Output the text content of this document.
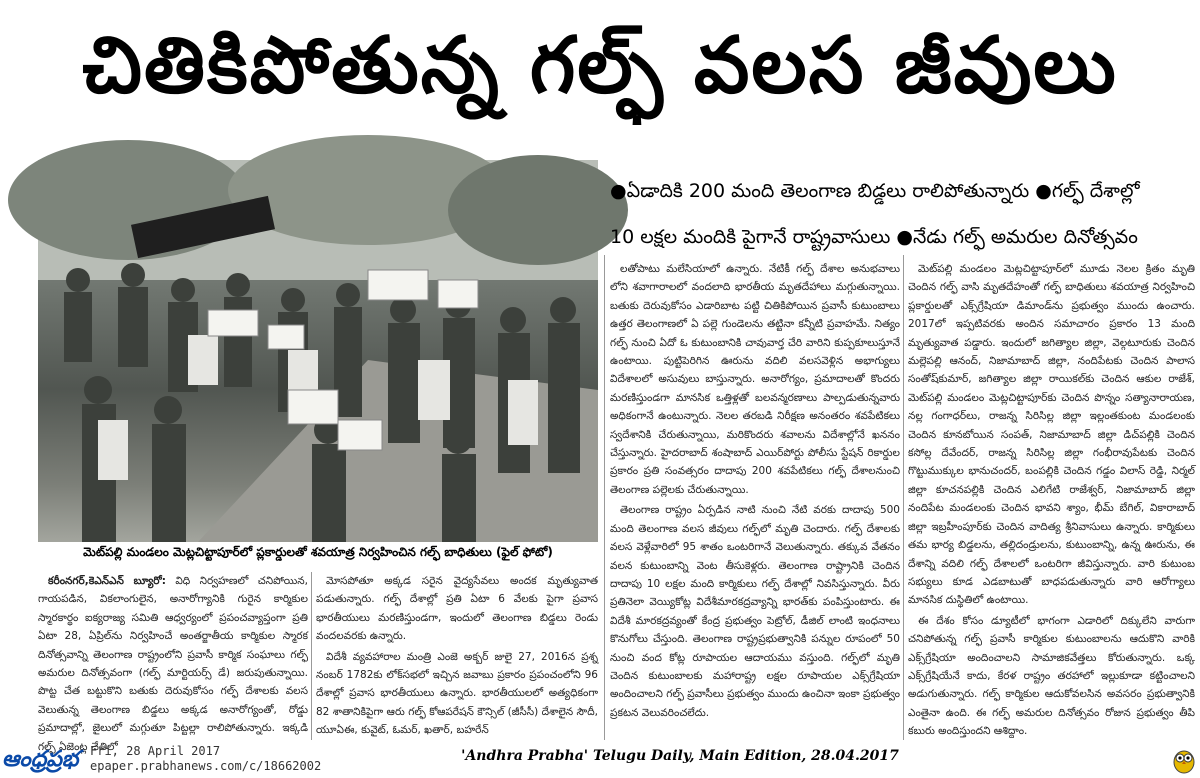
చితికిపోతున్న గల్ఫ్ వలస జీవులు
మెట్‌పల్లి మండలం మెట్లచిట్టాపూర్‌లో ప్లకార్డులతో శవయాత్ర నిర్వహించిన గల్ఫ్ బాధితులు (ఫైల్ ఫోటో)
●ఏడాదికి 200 మంది తెలంగాణ బిడ్డలు రాలిపోతున్నారు ●గల్ఫ్ దేశాల్లో
10 లక్షల మందికి పైగానే రాష్ట్రవాసులు ●నేడు గల్ఫ్ అమరుల దినోత్సవం

కరీంనగర్,కెఎన్ఎన్ బ్యూరో: విధి నిర్వహణలో చనిపోయిన, గాయపడిన, వికలాంగులైన, అనారోగ్యానికి గురైన కార్మికుల స్మారకార్థం ఐక్యరాజ్య సమితి ఆధ్వర్యంలో ప్రపంచవ్యాప్తంగా ప్రతి ఏటా 28, ఏప్రిల్‌ను నిర్వహించే అంతర్జాతీయ కార్మికుల స్మారక దినోత్సవాన్ని తెలంగాణ రాష్ట్రంలోని ప్రవాసీ కార్మిక సంఘాలు గల్ఫ్ అమరుల దినోత్సవంగా (గల్ఫ్ మార్టియర్స్ డే) జరుపుతున్నాయి. పొట్ట చేత బట్టుకొని బతుకు దెరువుకోసం గల్ఫ్ దేశాలకు వలస వెలుతున్న తెలంగాణ బిడ్డలు అక్కడ అనారోగ్యంతో, రోడ్డు ప్రమాదాల్లో, జైలులో మగ్గుతూ పిట్టల్లా రాలిపోతున్నారు. ఇక్కడి గల్ఫ్ ఏజెంట్ల చేతిలో

మోసపోతూ అక్కడ సరైన వైద్యసేవలు అందక మృత్యువాత పడుతున్నారు. గల్ఫ్ దేశాల్లో ప్రతి ఏటా 6 వేలకు పైగా ప్రవాస భారతీయులు మరణిస్తుండగా, ఇందులో తెలంగాణ బిడ్డలు రెండు వందలవరకు ఉన్నారు.

విదేశీ వ్యవహారాల మంత్రి ఎంజె అక్బర్ జులై 27, 2016న ప్రశ్న నంబర్ 1782కు లోక్‌సభలో ఇచ్చిన జవాబు ప్రకారం ప్రపంచంలోని 96 దేశాల్లో ప్రవాస భారతీయులు ఉన్నారు. భారతీయులలో అత్యధికంగా 82 శాతానికిపైగా ఆరు గల్ఫ్ కోఆపరేషన్ కౌన్సిల్ (జీసీసీ) దేశాలైన సౌదీ, యూఏఈ, కువైట్, ఓమర్, ఖతార్, బహరేన్

లతోపాటు మలేసియాలో ఉన్నారు. నేటికీ గల్ఫ్ దేశాల అనుభవాలు లోని శవాగారాలలో వందలాది భారతీయ మృతదేహాలు మగ్గుతున్నాయి. బతుకు దెరువుకోసం ఎడారిబాట పట్టి చితికిపోయిన ప్రవాసీ కుటుంబాలు ఉత్తర తెలంగాణలో ఏ పల్లె గుండెలను తట్టినా కన్నీటి ప్రవాహమే. నిత్యం గల్ఫ్ నుంచి ఏదో ఓ కుటుంబానికి చావువార్త చేరి వారిని కుప్పకూలుస్తూనే ఉంటాయి. పుట్టిపెరిగిన ఊరును వదిలి వలసవెళ్లిన అభాగ్యులు విదేశాలలో అసువులు బాస్తున్నారు. అనారోగ్యం, ప్రమాదాలతో కొందరు మరణిస్తుండగా మానసిక ఒత్తిళ్లతో బలవన్మరణాలు పాల్పడుతున్నవారు అధికంగానే ఉంటున్నారు. నెలల తరబడి నిరీక్షణ అనంతరం శవపేటికలు స్వదేశానికి చేరుతున్నాయి, మరికొందరు శవాలను విదేశాల్లోనే ఖననం చేస్తున్నారు. హైదరాబాద్ శంషాబాద్ ఎయిర్‌పోర్టు పోలీసు స్టేషన్ రికార్డుల ప్రకారం ప్రతి సంవత్సరం దాదాపు 200 శవపేటికలు గల్ఫ్ దేశాలనుంచి తెలంగాణ పల్లెలకు చేరుతున్నాయి.

తెలంగాణ రాష్ట్రం ఏర్పడిన నాటి నుంచి నేటి వరకు దాదాపు 500 మంది తెలంగాణ వలస జీవులు గల్ఫ్‌లో మృతి చెందారు. గల్ఫ్ దేశాలకు వలస వెళ్లేవారిలో 95 శాతం ఒంటరిగానే వెలుతున్నారు. తక్కువ వేతనం వలన కుటుంబాన్ని వెంట తీసుకెళ్లరు. తెలంగాణ రాష్ట్రానికి చెందిన దాదాపు 10 లక్షల మంది కార్మికులు గల్ఫ్ దేశాల్లో నివసిస్తున్నారు. వీరు ప్రతినెలా వెయ్యికోట్ల విదేశీమారకద్రవ్యాన్ని భారత్‌కు పంపిస్తుంటారు. ఈ విదేశీ మారకద్రవ్యంతో కేంద్ర ప్రభుత్వం పెట్రోల్, డీజిల్ లాంటి ఇంధనాలు కొనుగోలు చేస్తుంది. తెలంగాణ రాష్ట్రప్రభుత్వానికి పన్నుల రూపంలో 50 నుంచి వంద కోట్ల రూపాయల ఆదాయము వస్తుంది. గల్ఫ్‌లో మృతి చెందిన కుటుంబాలకు మహారాష్ట్ర లక్షల రూపాయల ఎక్స్‌గ్రేషియా అందించాలని గల్ఫ్ ప్రవాసీలు ప్రభుత్వం ముందు ఉంచినా ఇంకా ప్రభుత్వం ప్రకటన వెలువరించలేదు.

మెట్‌పల్లి మండలం మెట్లచిట్టాపూర్‌లో మూడు నెలల క్రితం మృతి చెందిన గల్ఫ్ వాసి మృతదేహంతో గల్ఫ్ బాధితులు శవయాత్ర నిర్వహించి ప్లకార్డులతో ఎక్స్‌గ్రేషియా డిమాండ్‌ను ప్రభుత్వం ముందు ఉంచారు. 2017లో ఇప్పటివరకు అందిన సమాచారం ప్రకారం 13 మంది మృత్యువాత పడ్డారు. ఇందులో జగిత్యాల జిల్లా, వెల్గటూరుకు చెందిన మల్లెపల్లి ఆనంద్, నిజామాబాద్ జిల్లా, నందిపేటకు చెందిన పాలాస సంతోష్‌కుమార్, జగిత్యాల జిల్లా రాయికల్‌కు చెందిన ఆకుల రాజేశ్, మెట్‌పల్లి మండలం మెట్లచిట్టాపూర్‌కు చెందిన పొన్నం సత్యానారాయణ, నల్ల గంగాధర్‌లు, రాజన్న సిరిసిల్ల జిల్లా ఇల్లంతకుంట మండలంకు చెందిన కూనబోయిన సంపత్, నిజామాబాద్ జిల్లా డిచ్‌పల్లికి చెందిన కసోల్ల దేవేందర్, రాజన్న సిరిసిల్ల జిల్లా గంభీరావుపేటకు చెందిన గొట్టుముక్కుల భానుచందర్, బంపల్లికి చెందిన గడ్డం విలాస్ రెడ్డి, నిర్మల్ జిల్లా కూచనపల్లికి చెందిన ఎలిగేటి రాజేశ్వర్, నిజామాబాద్ జిల్లా నందిపేట మండలంకు చెందిన భావని శ్యాం, భీమ్ బేగిల్, వికారాబాద్ జిల్లా ఇబ్రహీంపూర్‌కు చెందిన వాదిత్య శ్రీనివాసులు ఉన్నారు. కార్మికులు తమ భార్య బిడ్డలను, తల్లిదండ్రులను, కుటుంబాన్ని, ఉన్న ఊరును, ఈ దేశాన్ని వదిలి గల్ఫ్ దేశాలలో ఒంటరిగా జీవిస్తున్నారు. వారి కుటుంబ సభ్యులు కూడ ఎడబాటుతో బాధపడుతున్నారు వారి ఆరోగ్యాలు మానసిక దుస్థితిలో ఉంటాయి.

ఈ దేశం కోసం డ్యూటీలో భాగంగా ఎడారిలో దిక్కులేని వారుగా చనిపోతున్న గల్ఫ్ ప్రవాసీ కార్మికుల కుటుంబాలను ఆదుకొని వారికి ఎక్స్‌గ్రేషియా అందించాలని సామాజికవేత్తలు కోరుతున్నారు. ఒక్క ఎక్స్‌గ్రేషియేనే కాదు, కేరళ రాష్ట్రం తరహాలో ఇల్లుకూడా కట్టించాలని అడుగుతున్నారు. గల్ఫ్ కార్మికుల ఆదుకోవలసిన అవసరం ప్రభుత్వానికి ఎంతైనా ఉంది. ఈ గల్ఫ్ అమరుల దినోత్సవం రోజున ప్రభుత్వం తీపి కబురు అందిస్తుందని ఆశిద్దాం.

ఆంధ్రప్రభ Fri, 28 April 2017
epaper.prabhanews.com/c/18662002
'Andhra Prabha' Telugu Daily, Main Edition, 28.04.2017
